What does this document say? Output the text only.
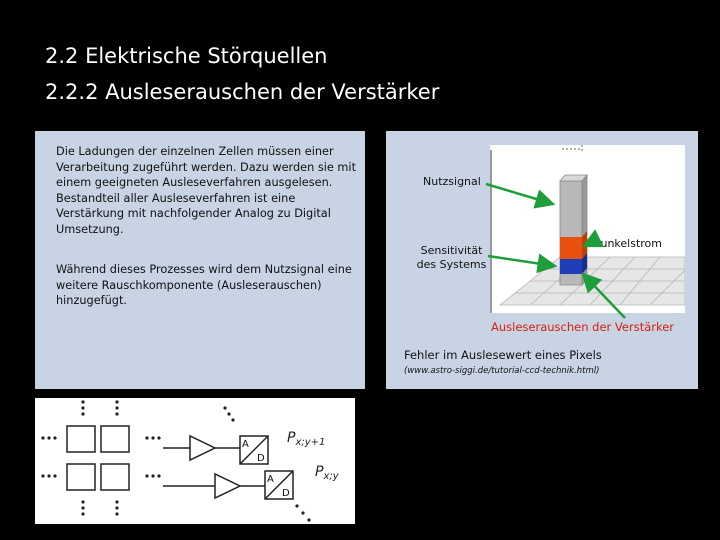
2.2 Elektrische Störquellen
2.2.2 Ausleserauschen der Verstärker

Die Ladungen der einzelnen Zellen müssen einer Verarbeitung zugeführt werden. Dazu werden sie mit einem geeigneten Ausleseverfahren ausgelesen. Bestandteil aller Ausleseverfahren ist eine Verstärkung mit nachfolgender Analog zu Digital Umsetzung.

Während dieses Prozesses wird dem Nutzsignal eine weitere Rauschkomponente (Ausleserauschen) hinzugefügt.

Nutzsignal
Sensitivität des Systems
Dunkelstrom
Ausleserauschen der Verstärker
Fehler im Auslesewert eines Pixels
(www.astro-siggi.de/tutorial-ccd-technik.html)
A
D
A
D
$P_{x;y+1}$
$P_{x;y}$
